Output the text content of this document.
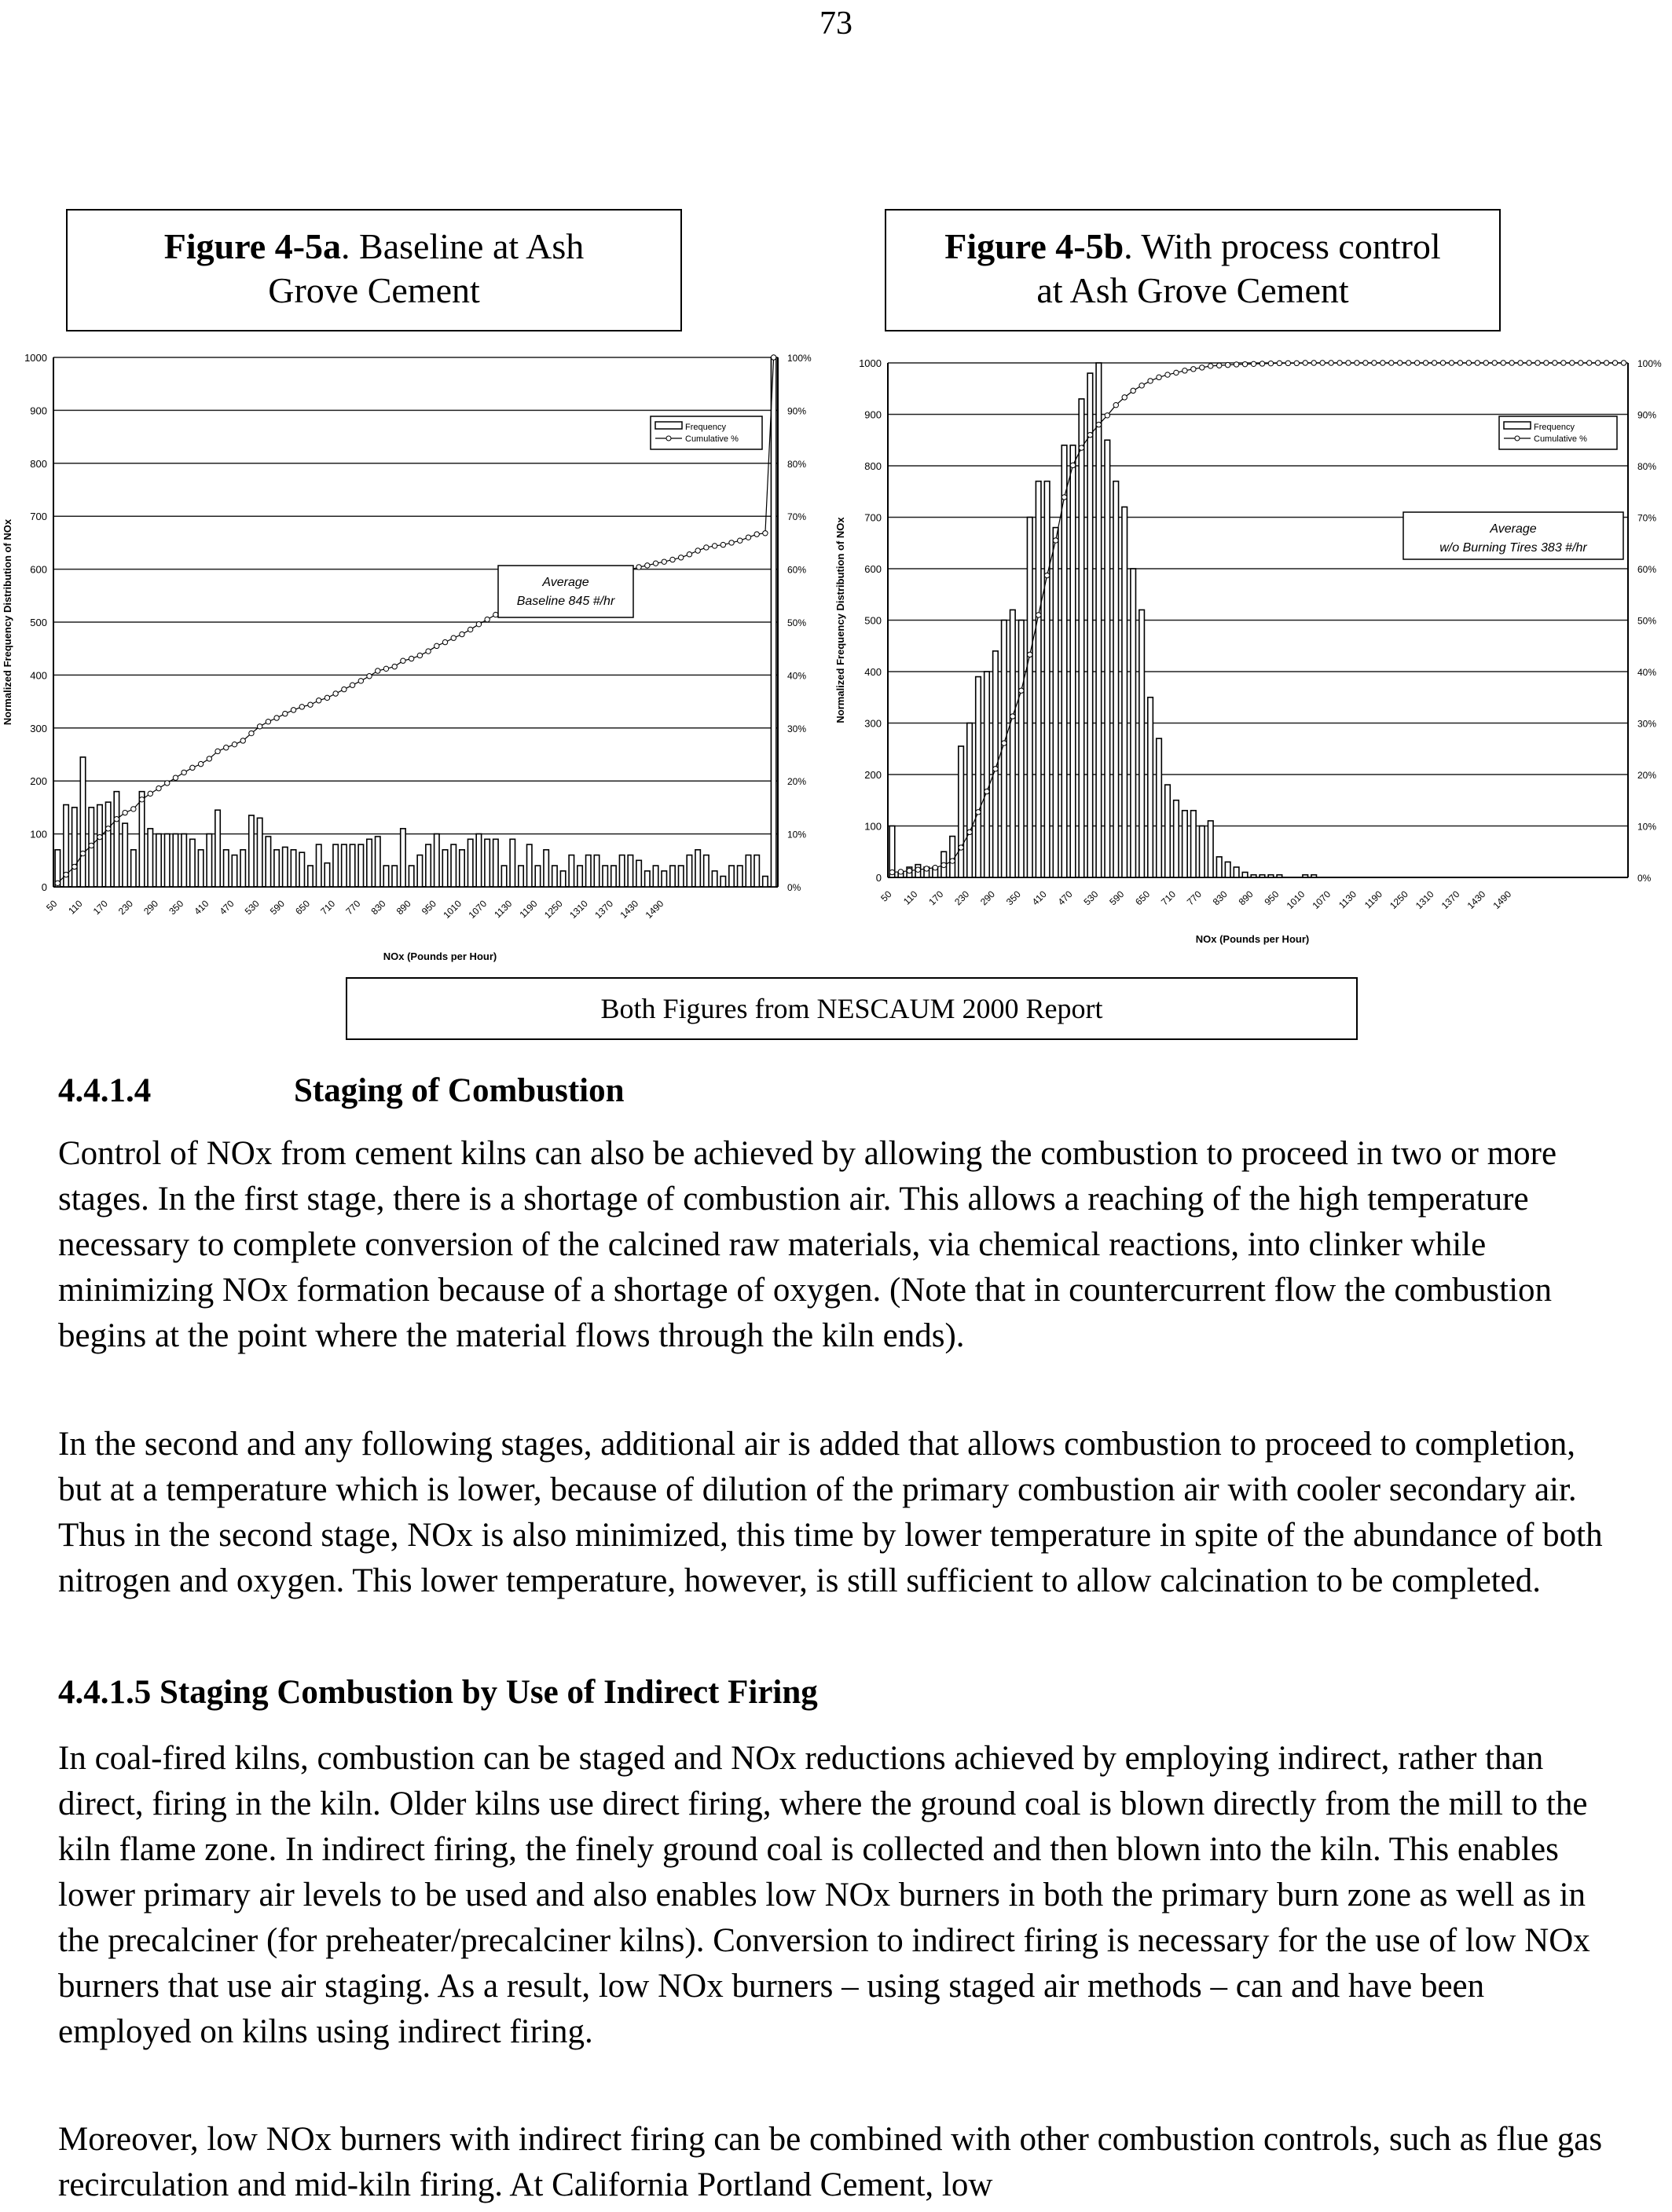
73
Figure 4-5a. Baseline at Ash
Grove Cement
Figure 4-5b. With process control
at Ash Grove Cement
0
100
200
300
400
500
600
700
800
900
1000
0%
10%
20%
30%
40%
50%
60%
70%
80%
90%
100%
50 110 170 230 290 350 410 470 530 590 650 710 770 830 890 950 1010 1070 1130 1190 1250 1310 1370 1430 1490
NOx (Pounds per Hour)
Normalized Frequency Distribution of NOx
Frequency
Cumulative %
Average
Baseline 845 #/hr
0
100
200
300
400
500
600
700
800
900
1000
0%
10%
20%
30%
40%
50%
60%
70%
80%
90%
100%
50 110 170 230 290 350 410 470 530 590 650 710 770 830 890 950 1010 1070 1130 1190 1250 1310 1370 1430 1490
NOx (Pounds per Hour)
Normalized Frequency Distribution of NOx
Frequency
Cumulative %
Average
w/o Burning Tires 383 #/hr
Both Figures from NESCAUM 2000 Report
4.4.1.4	Staging of Combustion

Control of NOx from cement kilns can also be achieved by allowing the combustion to proceed in two or more stages. In the first stage, there is a shortage of combustion air. This allows a reaching of the high temperature necessary to complete conversion of the calcined raw materials, via chemical reactions, into clinker while minimizing NOx formation because of a shortage of oxygen. (Note that in countercurrent flow the combustion begins at the point where the material flows through the kiln ends).

In the second and any following stages, additional air is added that allows combustion to proceed to completion, but at a temperature which is lower, because of dilution of the primary combustion air with cooler secondary air. Thus in the second stage, NOx is also minimized, this time by lower temperature in spite of the abundance of both nitrogen and oxygen. This lower temperature, however, is still sufficient to allow calcination to be completed.

4.4.1.5 Staging Combustion by Use of Indirect Firing

In coal-fired kilns, combustion can be staged and NOx reductions achieved by employing indirect, rather than direct, firing in the kiln. Older kilns use direct firing, where the ground coal is blown directly from the mill to the kiln flame zone. In indirect firing, the finely ground coal is collected and then blown into the kiln. This enables lower primary air levels to be used and also enables low NOx burners in both the primary burn zone as well as in the precalciner (for preheater/precalciner kilns). Conversion to indirect firing is necessary for the use of low NOx burners that use air staging. As a result, low NOx burners – using staged air methods – can and have been employed on kilns using indirect firing.

Moreover, low NOx burners with indirect firing can be combined with other combustion controls, such as flue gas recirculation and mid-kiln firing. At California Portland Cement, low
